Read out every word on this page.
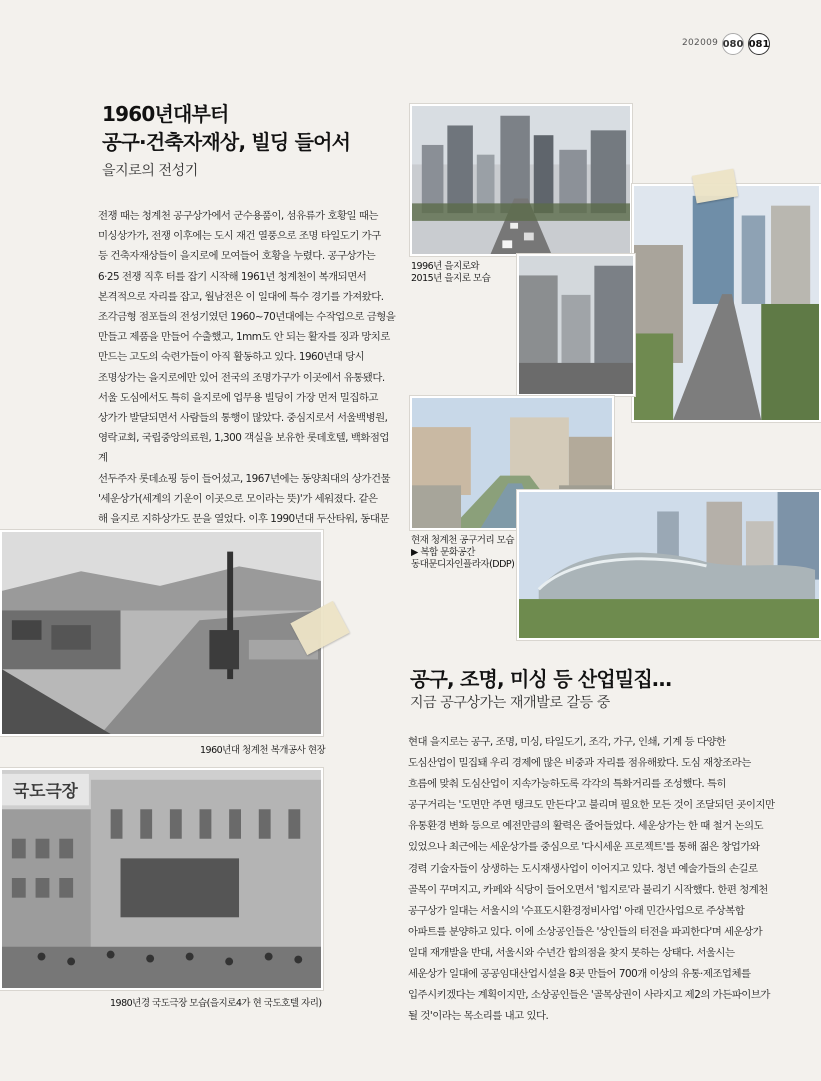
202009 080 081
1960년대부터
공구·건축자재상, 빌딩 들어서
을지로의 전성기
전쟁 때는 청계천 공구상가에서 군수용품이, 섬유류가 호황일 때는
미싱상가가, 전쟁 이후에는 도시 재건 열풍으로 조명 타일도기 가구
등 건축자재상들이 을지로에 모여들어 호황을 누렸다. 공구상가는
6·25 전쟁 직후 터를 잡기 시작해 1961년 청계천이 복개되면서
본격적으로 자리를 잡고, 월남전은 이 일대에 특수 경기를 가져왔다.
조각금형 점포들의 전성기였던 1960~70년대에는 수작업으로 금형을
만들고 제품을 만들어 수출했고, 1mm도 안 되는 활자를 징과 망치로
만드는 고도의 숙련가들이 아직 활동하고 있다. 1960년대 당시
조명상가는 을지로에만 있어 전국의 조명가구가 이곳에서 유통됐다.
서울 도심에서도 특히 을지로에 업무용 빌딩이 가장 먼저 밀집하고
상가가 발달되면서 사람들의 통행이 많았다. 중심지로서 서울백병원,
영락교회, 국립중앙의료원, 1,300 객실을 보유한 롯데호텔, 백화점업계
선두주자 롯데쇼핑 등이 들어섰고, 1967년에는 동양최대의 상가건물
'세운상가(세계의 기운이 이곳으로 모이라는 뜻)'가 세워졌다. 같은
해 을지로 지하상가도 문을 열었다. 이후 1990년대 두산타워, 동대문

1996년 을지로와
2015년 을지로 모습
현재 청계천 공구거리 모습
▶ 복합 문화공간
동대문디자인플라자(DDP)
1960년대 청계천 복개공사 현장
국도극장
1980년경 국도극장 모습(을지로4가 현 국도호텔 자리)
공구, 조명, 미싱 등 산업밀집…
지금 공구상가는 재개발로 갈등 중
현대 을지로는 공구, 조명, 미싱, 타일도기, 조각, 가구, 인쇄, 기계 등 다양한
도심산업이 밀집돼 우리 경제에 많은 비중과 자리를 점유해왔다. 도심 재창조라는
흐름에 맞춰 도심산업이 지속가능하도록 각각의 특화거리를 조성했다. 특히
공구거리는 '도면만 주면 탱크도 만든다'고 불리며 필요한 모든 것이 조달되던 곳이지만
유통환경 변화 등으로 예전만큼의 활력은 줄어들었다. 세운상가는 한 때 철거 논의도
있었으나 최근에는 세운상가를 중심으로 '다시세운 프로젝트'를 통해 젊은 창업가와
경력 기술자들이 상생하는 도시재생사업이 이어지고 있다. 청년 예술가들의 손길로
골목이 꾸며지고, 카페와 식당이 들어오면서 '힙지로'라 불리기 시작했다. 한편 청계천
공구상가 일대는 서울시의 '수표도시환경정비사업' 아래 민간사업으로 주상복합
아파트를 분양하고 있다. 이에 소상공인들은 '상인들의 터전을 파괴한다'며 세운상가
일대 재개발을 반대, 서울시와 수년간 합의점을 찾지 못하는 상태다. 서울시는
세운상가 일대에 공공임대산업시설을 8곳 만들어 700개 이상의 유통·제조업체를
입주시키겠다는 계획이지만, 소상공인들은 '골목상권이 사라지고 제2의 가든파이브가
될 것'이라는 목소리를 내고 있다.
